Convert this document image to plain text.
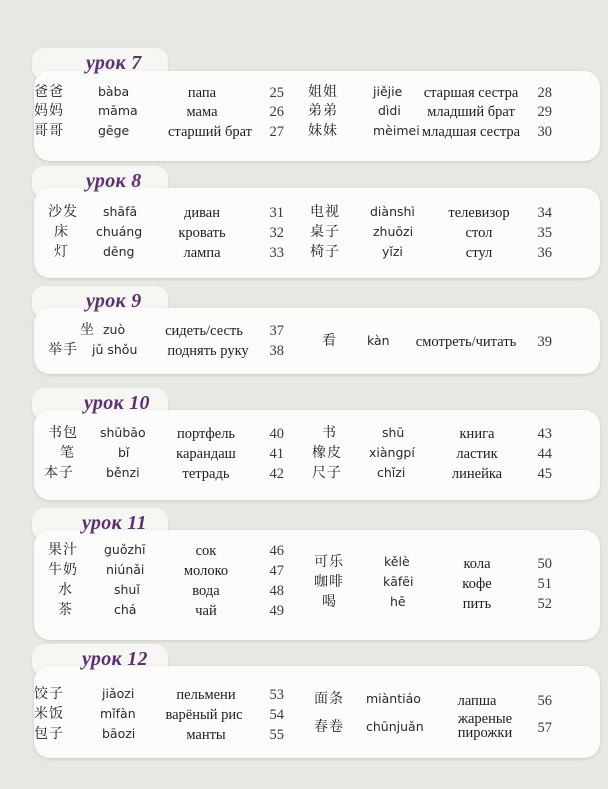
урок 7
爸爸	bàba	папа	25
妈妈	māma	мама	26
哥哥	gēge	старший брат	27
姐姐	jiějie	старшая сестра	28
弟弟	dìdi	младший брат	29
妹妹	mèimei младшая сестра	30
урок 8
沙发 shāfā	диван	31
床 chuáng	кровать	32
灯	dēng	лампа	33
电视 diànshì	телевизор	34
桌子	zhuōzi	стол	35
椅子	yǐzi	стул	36
урок 9
坐 zuò	сидеть/сесть	37
举手 jǔ shǒu	поднять руку	38
看 kàn	смотреть/читать	39
урок 10
书包 shūbāo	портфель	40
笔	bǐ	карандаш	41
本子	běnzi	тетрадь	42
书	shū	книга	43
橡皮 xiàngpí	ластик	44
尺子	chǐzi	линейка	45
урок 11
果汁 guǒzhī	сок	46
牛奶 niúnǎi	молоко	47
水	shuǐ	вода	48
茶	chá	чай	49
可乐	kělè	кола	50
咖啡	kāfēi	кофе	51
喝	hē	пить	52
урок 12
饺子	jiǎozi	пельмени	53
米饭	mǐfàn	варёный рис	54
包子	bāozi	манты	55
面条 miàntiáo	лапша	56
春卷 chūnjuǎn	жареные пирожки	57
